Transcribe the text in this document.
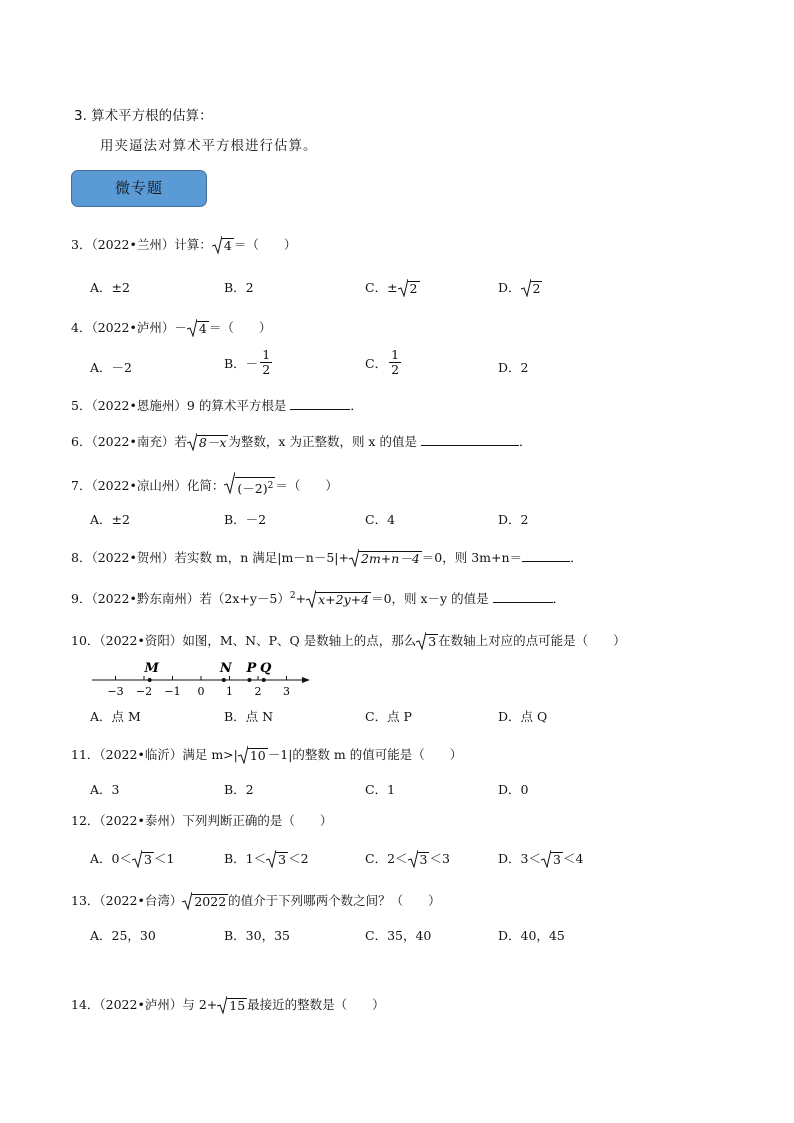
3. 算术平方根的估算：
用夹逼法对算术平方根进行估算。
微专题
3．（2022•兰州）计算： 4 ＝（　　）
A．±2	B．2	C．± 2	D． 2
4．（2022•泸州）－ 4 ＝（　　）
A．－2	B．－ $\frac{1}{2}$	C． $\frac{1}{2}$	D．2
5．（2022•恩施州）9 的算术平方根是	．
6．（2022•南充）若 8－x 为整数，x 为正整数，则 x 的值是	．
7．（2022•凉山州）化简： $(-2)^2$ ＝（　　）
A．±2	B．－2	C．4	D．2
8．（2022•贺州）若实数 m，n 满足|m－n－5|+ 2m+n－4 ＝0，则 3m+n＝	．
9．（2022•黔东南州）若$(2x+y-5)^2+ x+2y+4 =0$，则 x－y 的值是	．
10．（2022•资阳）如图，M、N、P、Q 是数轴上的点，那么 3 在数轴上对应的点可能是（　　）
−3 −2 −1 0 1 2 3
M	N P Q
A．点 M	B．点 N	C．点 P	D．点 Q
11．（2022•临沂）满足 m>| 10 －1|的整数 m 的值可能是（　　）
A．3	B．2	C．1	D．0
12．（2022•泰州）下列判断正确的是（　　）
A．0＜ 3 ＜1	B．1＜ 3 ＜2	C．2＜ 3 ＜3	D．3＜ 3 ＜4
13．（2022•台湾） 2022 的值介于下列哪两个数之间？（　　）
A．25，30	B．30，35	C．35，40	D．40，45
14．（2022•泸州）与 2+ 15 最接近的整数是（　　）
